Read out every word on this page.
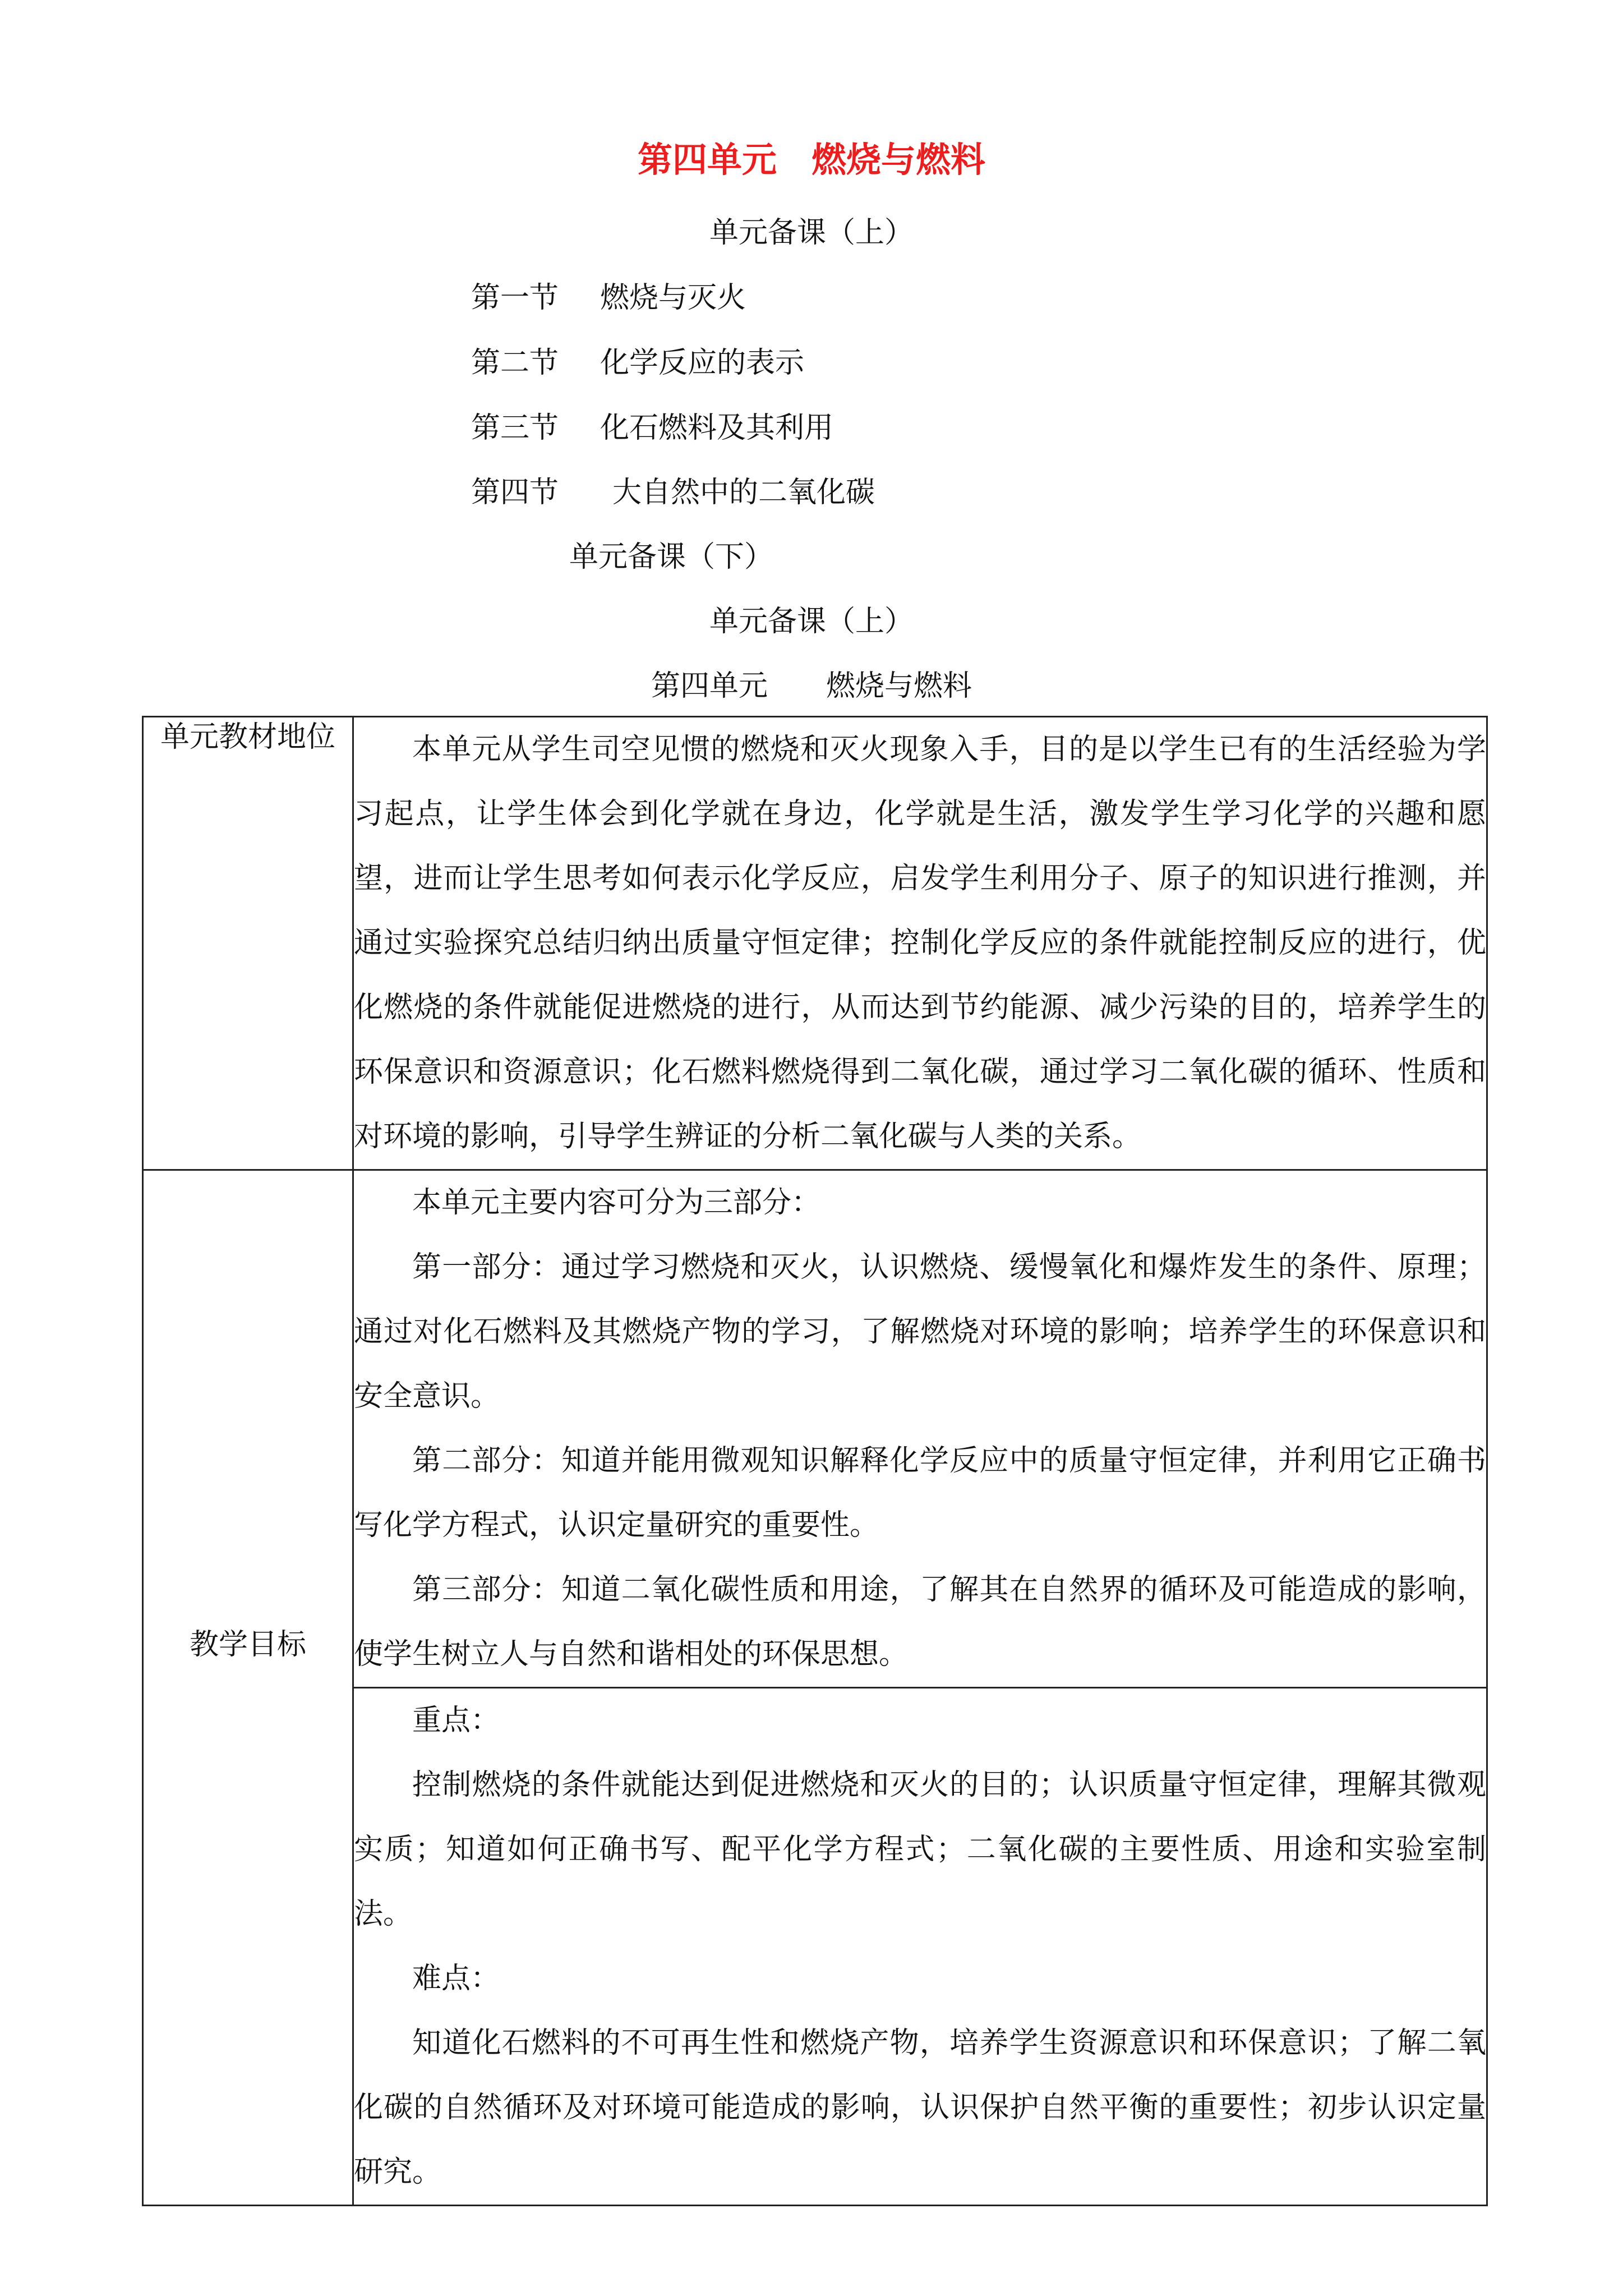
第四单元　燃烧与燃料
单元备课（上）
第一节 燃烧与灭火
第二节 化学反应的表示
第三节 化石燃料及其利用
第四节 大自然中的二氧化碳
单元备课（下）
单元备课（上）
第四单元　　燃烧与燃料
单元教材地位	本单元从学生司空见惯的燃烧和灭火现象入手，目的是以学生已有的生活经验为学习起点，让学生体会到化学就在身边，化学就是生活，激发学生学习化学的兴趣和愿望，进而让学生思考如何表示化学反应，启发学生利用分子、原子的知识进行推测，并通过实验探究总结归纳出质量守恒定律；控制化学反应的条件就能控制反应的进行，优化燃烧的条件就能促进燃烧的进行，从而达到节约能源、减少污染的目的，培养学生的环保意识和资源意识；化石燃料燃烧得到二氧化碳，通过学习二氧化碳的循环、性质和对环境的影响，引导学生辨证的分析二氧化碳与人类的关系。

教学目标	本单元主要内容可分为三部分：

第一部分：通过学习燃烧和灭火，认识燃烧、缓慢氧化和爆炸发生的条件、原理；通过对化石燃料及其燃烧产物的学习，了解燃烧对环境的影响；培养学生的环保意识和安全意识。

第二部分：知道并能用微观知识解释化学反应中的质量守恒定律，并利用它正确书写化学方程式，认识定量研究的重要性。

第三部分：知道二氧化碳性质和用途，了解其在自然界的循环及可能造成的影响，使学生树立人与自然和谐相处的环保思想。

	重点：

控制燃烧的条件就能达到促进燃烧和灭火的目的；认识质量守恒定律，理解其微观实质；知道如何正确书写、配平化学方程式；二氧化碳的主要性质、用途和实验室制法。

难点：

知道化石燃料的不可再生性和燃烧产物，培养学生资源意识和环保意识；了解二氧化碳的自然循环及对环境可能造成的影响，认识保护自然平衡的重要性；初步认识定量研究。
